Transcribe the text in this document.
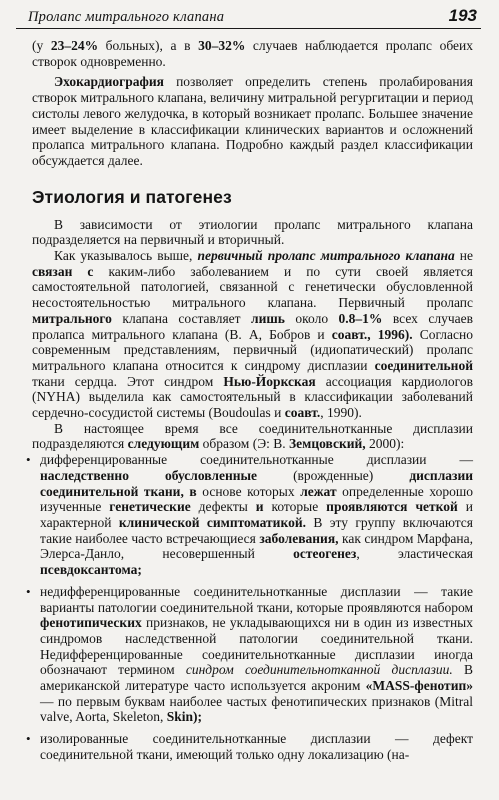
Пролапс митрального клапана	193

(у 23–24% больных), а в 30–32% случаев наблюдается пролапс обеих створок одновременно.

Эхокардиография позволяет определить степень пролабирования створок митрального клапана, величину митральной регургитации и период систолы левого желудочка, в который возникает пролапс. Большее значение имеет выделение в классификации клинических вариантов и осложнений пролапса митрального клапана. Подробно каждый раздел классификации обсуждается далее.

Этиология и патогенез

В зависимости от этиологии пролапс митрального клапана подразделяется на первичный и вторичный.

Как указывалось выше, первичный пролапс митрального клапана не связан с каким-либо заболеванием и по сути своей является самостоятельной патологией, связанной с генетически обусловленной несостоятельностью митрального клапана. Первичный пролапс митрального клапана составляет лишь около 0.8–1% всех случаев пролапса митрального клапана (В. А, Бобров и соавт., 1996). Согласно современным представлениям, первичный (идиопатический) пролапс митрального клапана относится к синдрому дисплазии соединительной ткани сердца. Этот синдром Нью-Йоркская ассоциация кардиологов (NYHA) выделила как самостоятельный в классификации заболеваний сердечно-сосудистой системы (Boudoulas и соавт., 1990).

В настоящее время все соединительнотканные дисплазии подразделяются следующим образом (Э: В. Земцовский, 2000):

• дифференцированные соединительнотканные дисплазии — наследственно обусловленные (врожденные) дисплазии соединительной ткани, в основе которых лежат определенные хорошо изученные генетические дефекты и которые проявляются четкой и характерной клинической симптоматикой. В эту группу включаются такие наиболее часто встречающиеся заболевания, как синдром Марфана, Элерса-Данло, несовершенный остеогенез, эластическая псевдоксантома;
• недифференцированные соединительнотканные дисплазии — такие варианты патологии соединительной ткани, которые проявляются набором фенотипических признаков, не укладывающихся ни в один из известных синдромов наследственной патологии соединительной ткани. Недифференцированные соединительнотканные дисплазии иногда обозначают термином синдром соединительнотканной дисплазии. В американской литературе часто используется акроним «MASS-фенотип» — по первым буквам наиболее частых фенотипических признаков (Mitral valve, Aorta, Skeleton, Skin);
• изолированные соединительнотканные дисплазии — дефект соединительной ткани, имеющий только одну локализацию (на-
